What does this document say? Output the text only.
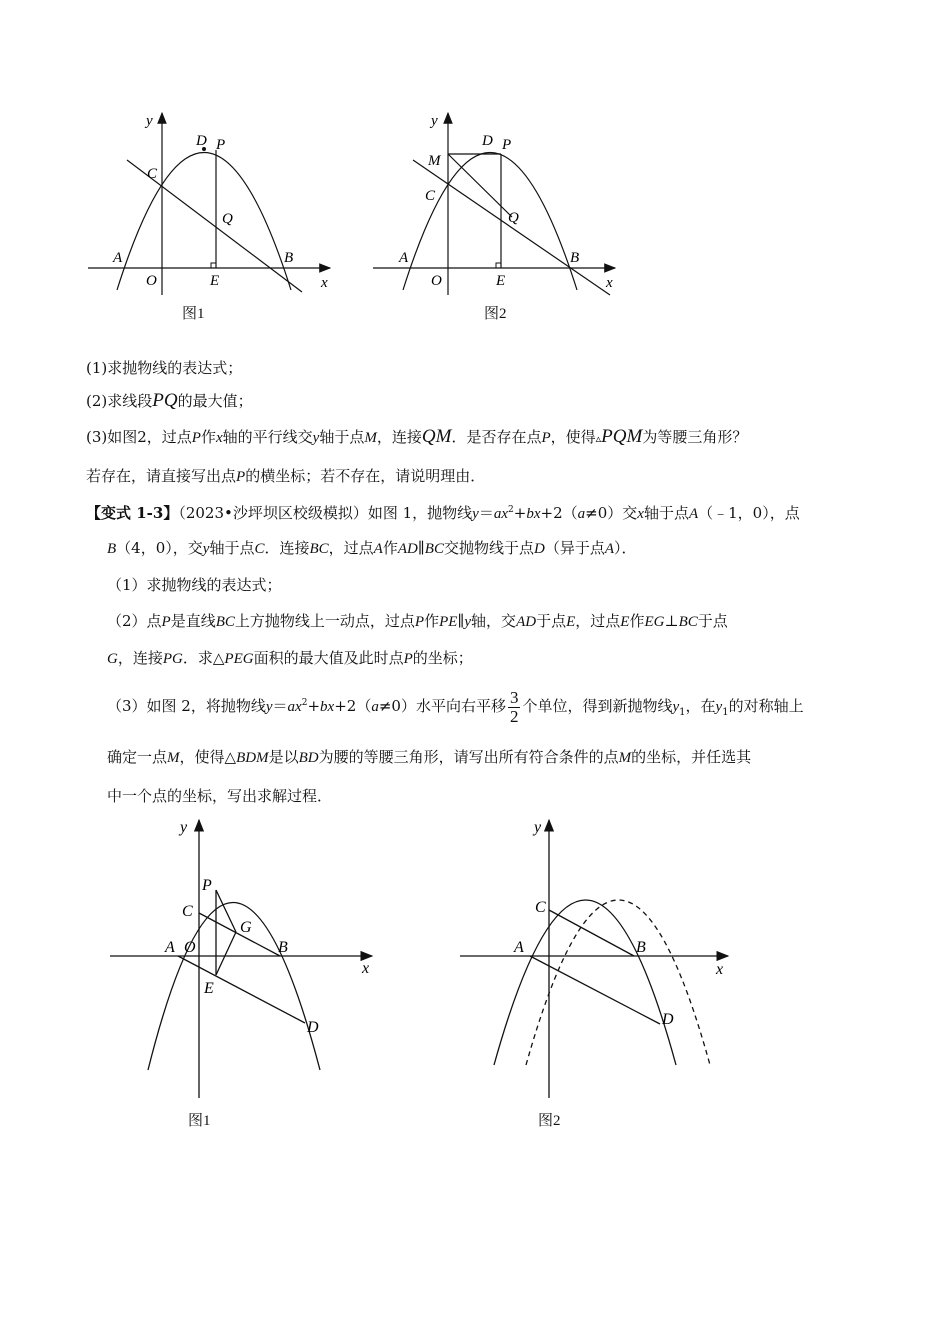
y
x
O
A	B
C
D P
Q
E
图1
y
x
O
A	B
C
M
D P
Q
E
图2
(1)求抛物线的表达式；
(2)求线段PQ的最大值；
(3)如图2，过点P作x轴的平行线交y轴于点M，连接QM．是否存在点P，使得▵PQM为等腰三角形？
若存在，请直接写出点P的横坐标；若不存在，请说明理由．
【变式 1-3】（2023•沙坪坝区校级模拟）如图 1，抛物线$y=ax^2+bx+2(a\ne 0)$交x轴于点A（﹣1，0），点
B（4，0），交y轴于点C．连接BC，过点A作AD∥BC交抛物线于点D（异于点A）．
（1）求抛物线的表达式；
（2）点P是直线BC上方抛物线上一动点，过点P作PE∥y轴，交AD于点E，过点E作EG⊥BC于点
G，连接PG．求△PEG面积的最大值及此时点P的坐标；
（3）如图 2，将抛物线$y=ax^2+bx+2(a\ne 0)$水平向右平移 $\frac{3}{2}$ 个单位，得到新抛物线$y_1$，在$y_1$的对称轴上
确定一点M，使得△BDM是以BD为腰的等腰三角形，请写出所有符合条件的点M的坐标，并任选其
中一个点的坐标，写出求解过程．
y
x
A O	B
C
P
G
E
D
图1
y
x
A	B
C
D
图2
